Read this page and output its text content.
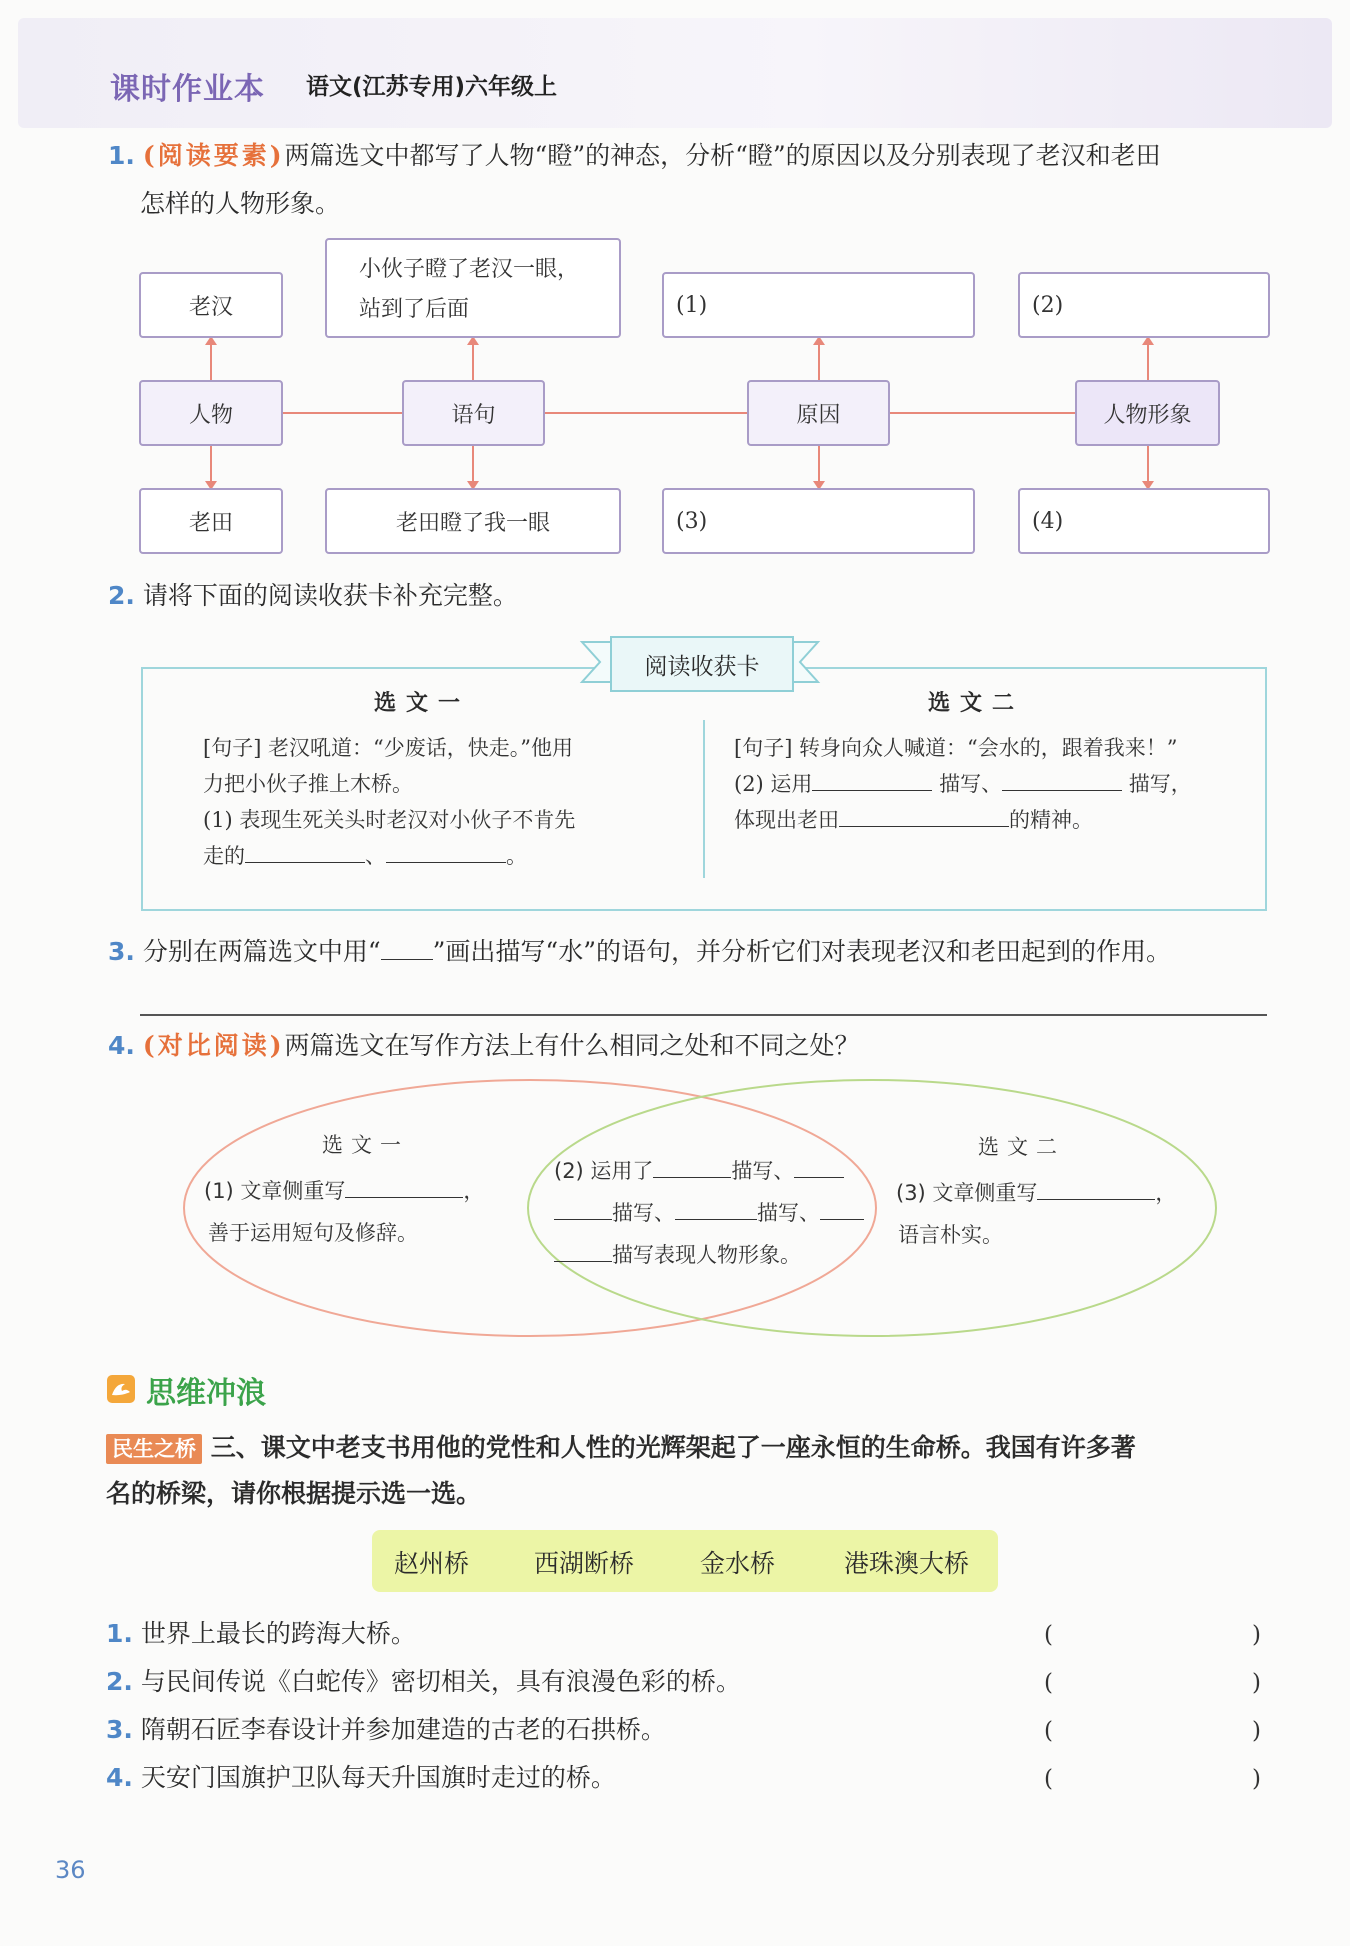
课时作业本 语文(江苏专用)六年级上
1. (阅读要素)两篇选文中都写了人物“瞪”的神态，分析“瞪”的原因以及分别表现了老汉和老田
怎样的人物形象。
老汉
人物
老田
小伙子瞪了老汉一眼，
站到了后面
语句
老田瞪了我一眼
(1)
原因
(3)
(2)
人物形象
(4)
2. 请将下面的阅读收获卡补充完整。
阅读收获卡
选文一	选文二
[句子] 老汉吼道：“少废话，快走。”他用
力把小伙子推上木桥。
(1) 表现生死关头时老汉对小伙子不肯先
走的	、	。
[句子] 转身向众人喊道：“会水的，跟着我来！”
(2) 运用	描写、	描写，
体现出老田	的精神。
3. 分别在两篇选文中用“ ”画出描写“水”的语句，并分析它们对表现老汉和老田起到的作用。
4. (对比阅读)两篇选文在写作方法上有什么相同之处和不同之处？
选文一
(1) 文章侧重写	，
善于运用短句及修辞。
(2) 运用了	描写、
描写、	描写、
描写表现人物形象。
选文二
(3) 文章侧重写	，
语言朴实。
思维冲浪
民生之桥 三、课文中老支书用他的党性和人性的光辉架起了一座永恒的生命桥。我国有许多著
名的桥梁，请你根据提示选一选。
赵州桥	西湖断桥	金水桥	港珠澳大桥
1. 世界上最长的跨海大桥。
2. 与民间传说《白蛇传》密切相关，具有浪漫色彩的桥。
3. 隋朝石匠李春设计并参加建造的古老的石拱桥。
4. 天安门国旗护卫队每天升国旗时走过的桥。
(	)
(	)
(	)
(	)
36
